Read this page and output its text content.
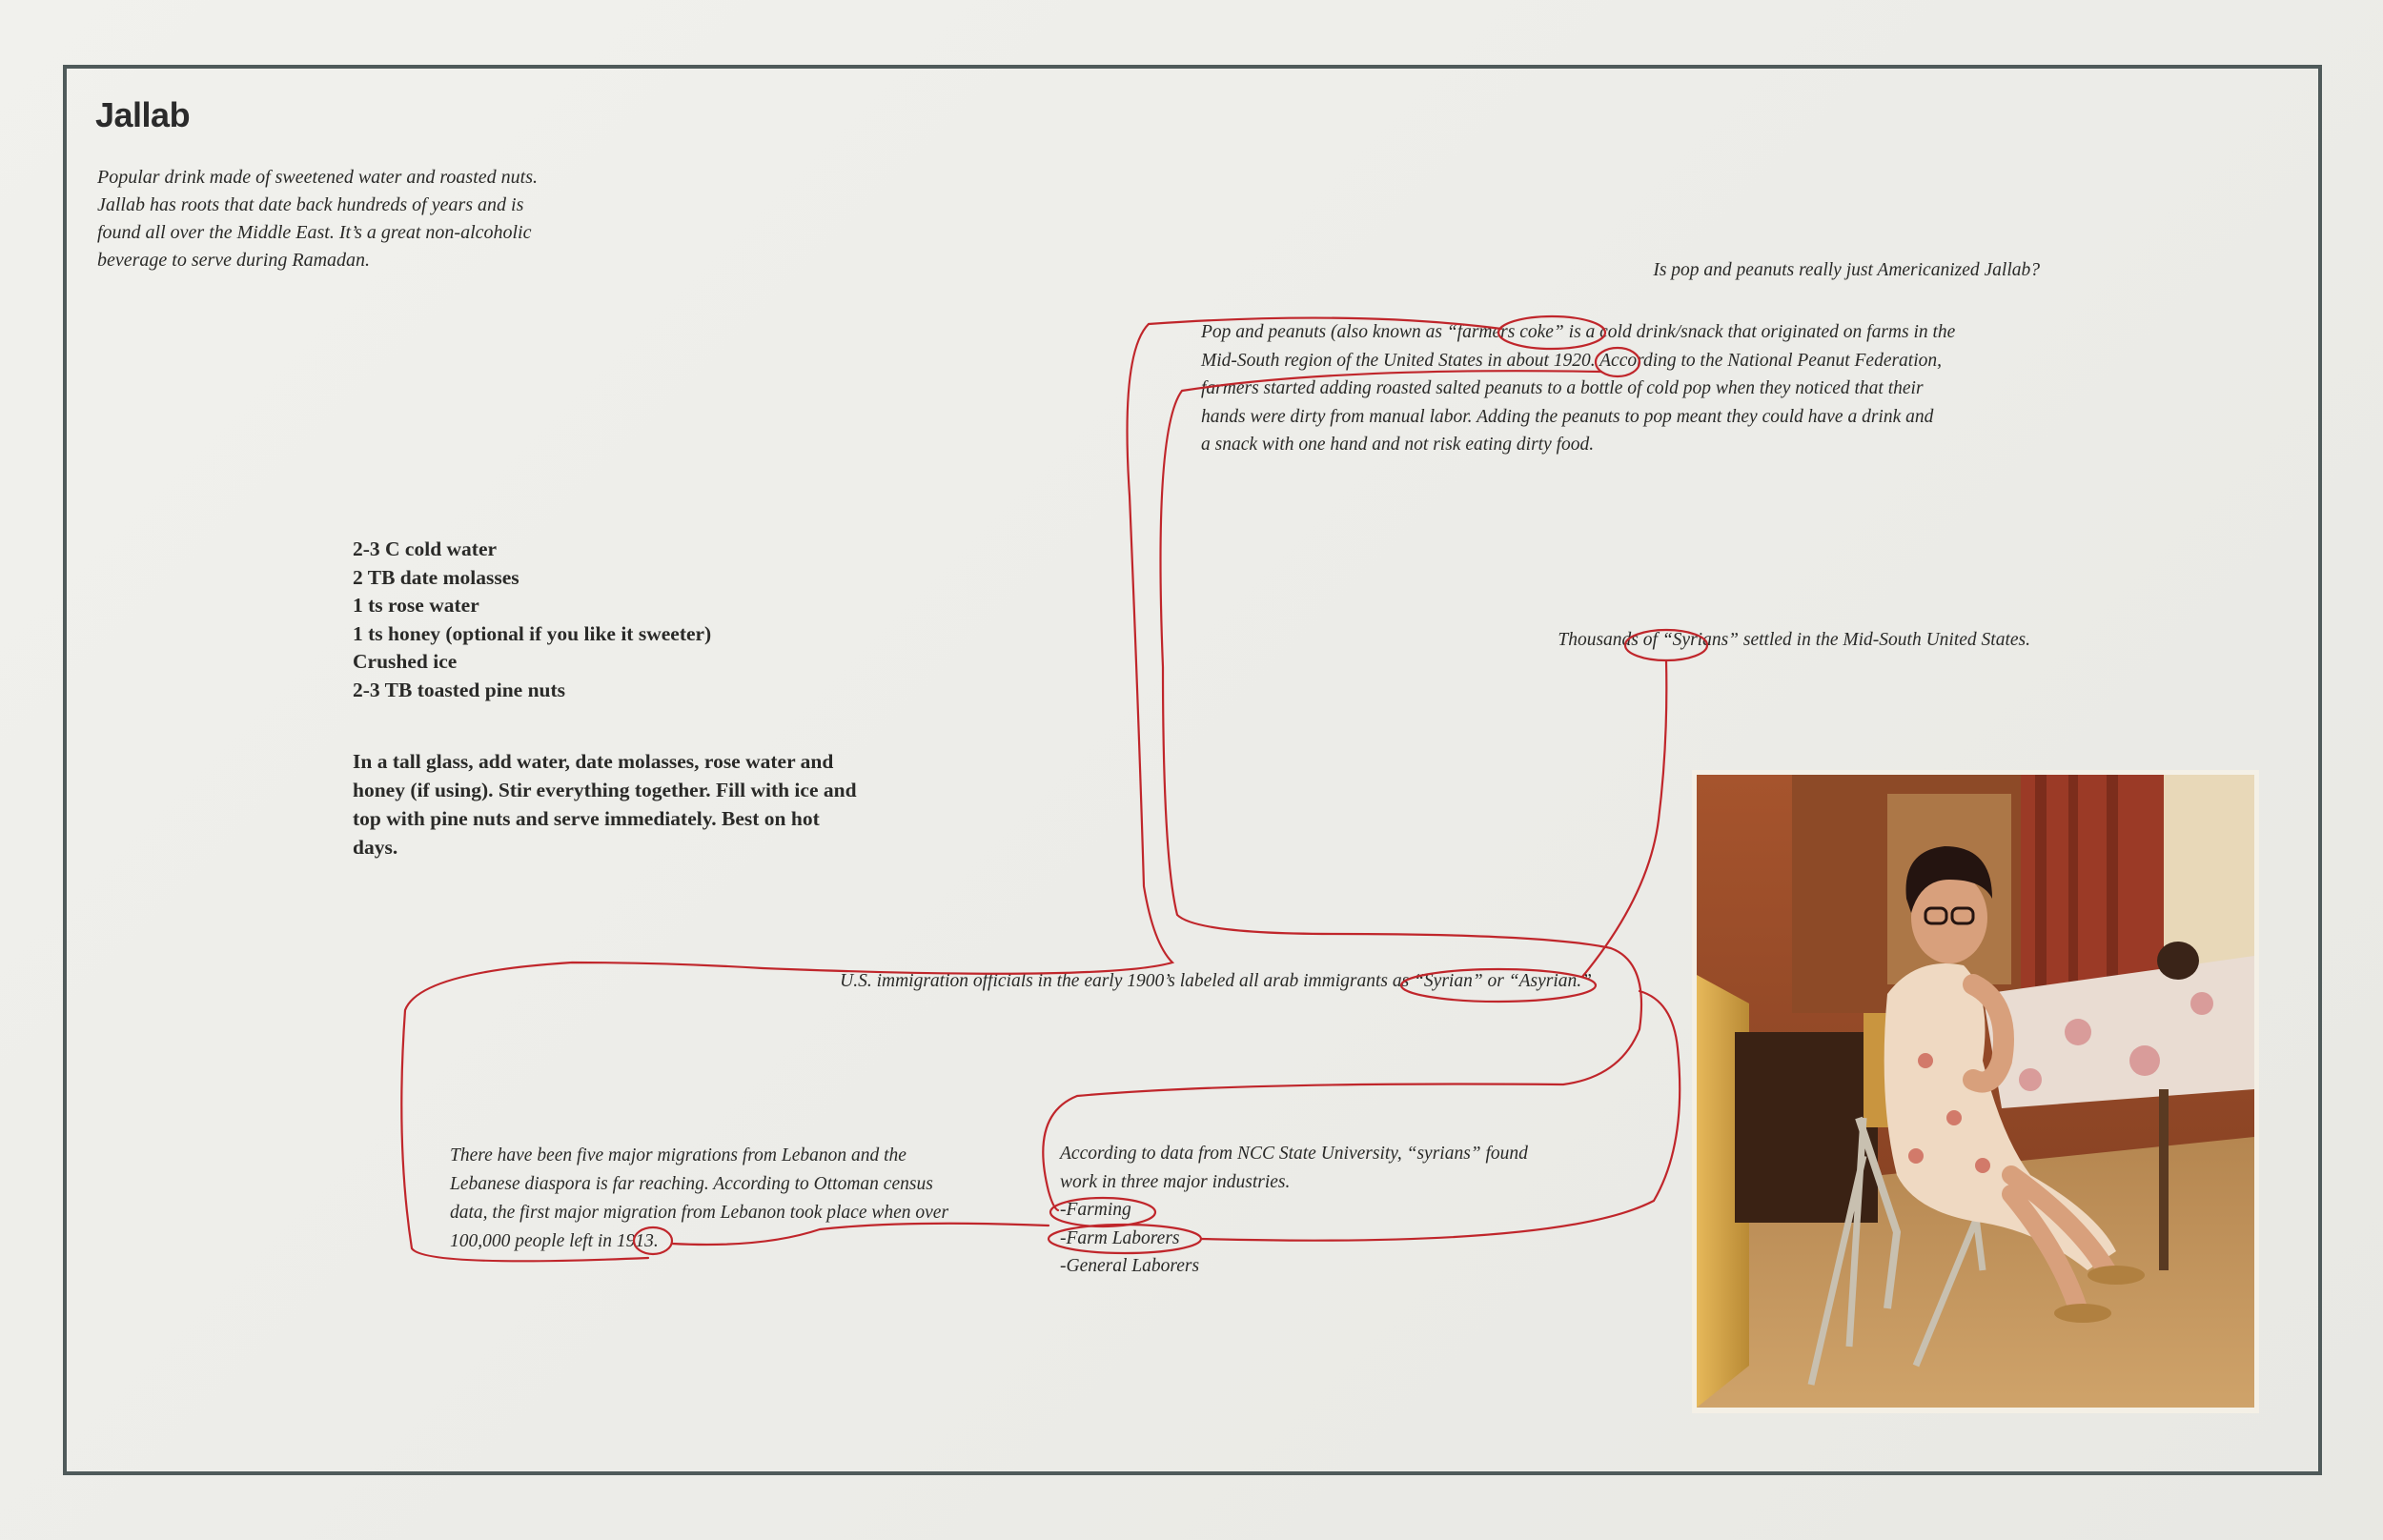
Jallab
Popular drink made of sweetened water and roasted nuts.
Jallab has roots that date back hundreds of years and is
found all over the Middle East. It’s a great non-alcoholic
beverage to serve during Ramadan.
2-3 C cold water
2 TB date molasses
1 ts rose water
1 ts honey (optional if you like it sweeter)
Crushed ice
2-3 TB toasted pine nuts
In a tall glass, add water, date molasses, rose water and
honey (if using). Stir everything together. Fill with ice and
top with pine nuts and serve immediately. Best on hot
days.
Is pop and peanuts really just Americanized Jallab?
Pop and peanuts (also known as “farmers coke” is a cold drink/snack that originated on farms in the
Mid-South region of the United States in about 1920. According to the National Peanut Federation,
farmers started adding roasted salted peanuts to a bottle of cold pop when they noticed that their
hands were dirty from manual labor. Adding the peanuts to pop meant they could have a drink and
a snack with one hand and not risk eating dirty food.
Thousands of “Syrians” settled in the Mid-South United States.
U.S. immigration officials in the early 1900’s labeled all arab immigrants as “Syrian” or “Asyrian.”
There have been five major migrations from Lebanon and the
Lebanese diaspora is far reaching. According to Ottoman census
data, the first major migration from Lebanon took place when over
100,000 people left in 1913.
According to data from NCC State University, “syrians” found
work in three major industries.
-Farming
-Farm Laborers
-General Laborers
